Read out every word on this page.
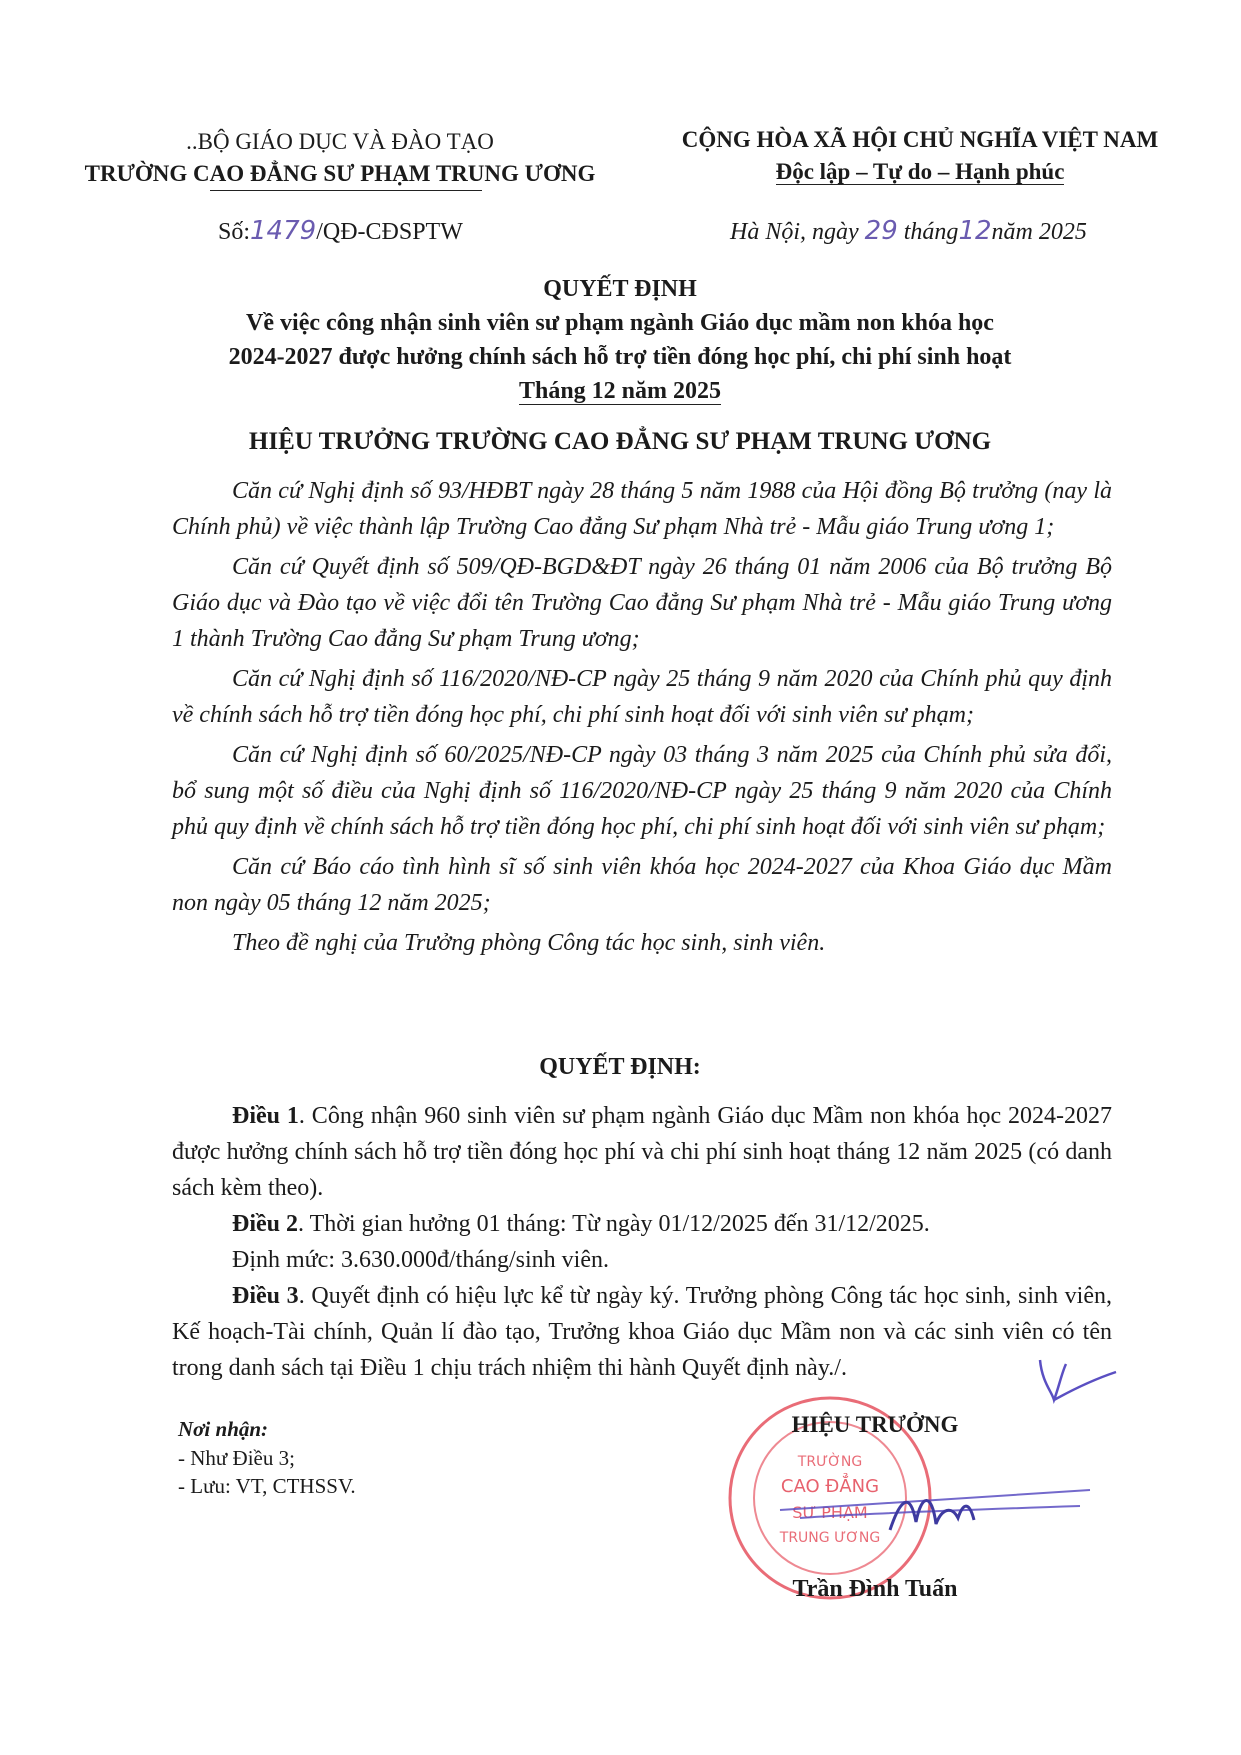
..BỘ GIÁO DỤC VÀ ĐÀO TẠO
TRƯỜNG CAO ĐẲNG SƯ PHẠM TRUNG ƯƠNG
CỘNG HÒA XÃ HỘI CHỦ NGHĨA VIỆT NAM
Độc lập – Tự do – Hạnh phúc
Số:1479/QĐ-CĐSPTW	Hà Nội, ngày 29 tháng12năm 2025
QUYẾT ĐỊNH
Về việc công nhận sinh viên sư phạm ngành Giáo dục mầm non khóa học
2024-2027 được hưởng chính sách hỗ trợ tiền đóng học phí, chi phí sinh hoạt
Tháng 12 năm 2025
HIỆU TRƯỞNG TRƯỜNG CAO ĐẲNG SƯ PHẠM TRUNG ƯƠNG
Căn cứ Nghị định số 93/HĐBT ngày 28 tháng 5 năm 1988 của Hội đồng Bộ trưởng (nay là Chính phủ) về việc thành lập Trường Cao đẳng Sư phạm Nhà trẻ - Mẫu giáo Trung ương 1;
Căn cứ Quyết định số 509/QĐ-BGD&ĐT ngày 26 tháng 01 năm 2006 của Bộ trưởng Bộ Giáo dục và Đào tạo về việc đổi tên Trường Cao đẳng Sư phạm Nhà trẻ - Mẫu giáo Trung ương 1 thành Trường Cao đẳng Sư phạm Trung ương;
Căn cứ Nghị định số 116/2020/NĐ-CP ngày 25 tháng 9 năm 2020 của Chính phủ quy định về chính sách hỗ trợ tiền đóng học phí, chi phí sinh hoạt đối với sinh viên sư phạm;
Căn cứ Nghị định số 60/2025/NĐ-CP ngày 03 tháng 3 năm 2025 của Chính phủ sửa đổi, bổ sung một số điều của Nghị định số 116/2020/NĐ-CP ngày 25 tháng 9 năm 2020 của Chính phủ quy định về chính sách hỗ trợ tiền đóng học phí, chi phí sinh hoạt đối với sinh viên sư phạm;
Căn cứ Báo cáo tình hình sĩ số sinh viên khóa học 2024-2027 của Khoa Giáo dục Mầm non ngày 05 tháng 12 năm 2025;
Theo đề nghị của Trưởng phòng Công tác học sinh, sinh viên.
QUYẾT ĐỊNH:
Điều 1. Công nhận 960 sinh viên sư phạm ngành Giáo dục Mầm non khóa học 2024-2027 được hưởng chính sách hỗ trợ tiền đóng học phí và chi phí sinh hoạt tháng 12 năm 2025 (có danh sách kèm theo).
Điều 2. Thời gian hưởng 01 tháng: Từ ngày 01/12/2025 đến 31/12/2025.
Định mức: 3.630.000đ/tháng/sinh viên.
Điều 3. Quyết định có hiệu lực kể từ ngày ký. Trưởng phòng Công tác học sinh, sinh viên, Kế hoạch-Tài chính, Quản lí đào tạo, Trưởng khoa Giáo dục Mầm non và các sinh viên có tên trong danh sách tại Điều 1 chịu trách nhiệm thi hành Quyết định này./.
Nơi nhận:
- Như Điều 3;
- Lưu: VT, CTHSSV.
TRƯỜNG
CAO ĐẲNG
SƯ PHẠM
TRUNG ƯƠNG
HIỆU TRƯỞNG
Trần Đình Tuấn
